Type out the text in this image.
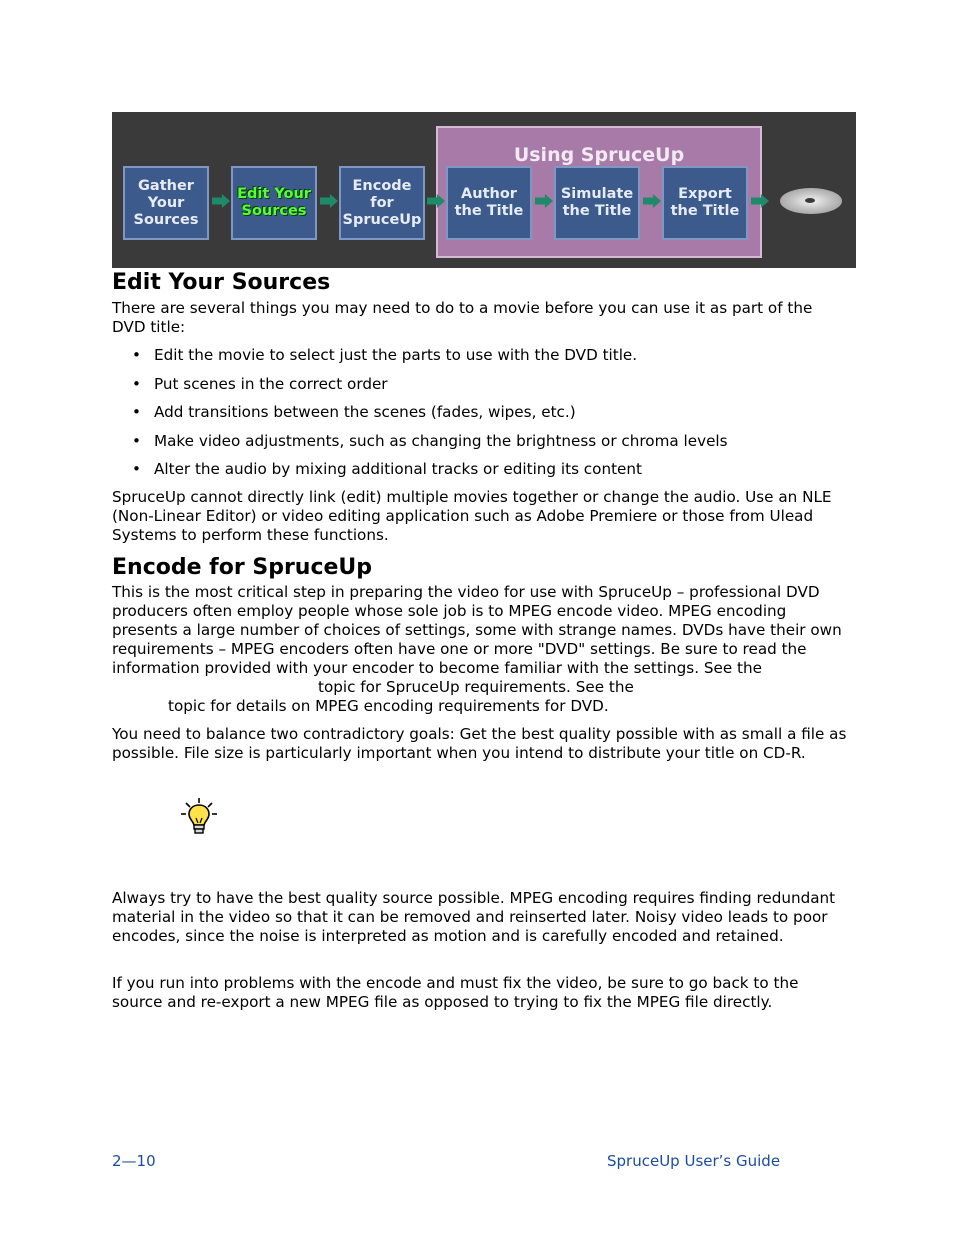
Using SpruceUp
Gather Your Sources
Edit Your Sources
Encode for SpruceUp
Author the Title
Simulate the Title
Export the Title
Edit Your Sources

There are several things you may need to do to a movie before you can use it as part of the DVD title:

• Edit the movie to select just the parts to use with the DVD title.
• Put scenes in the correct order
• Add transitions between the scenes (fades, wipes, etc.)
• Make video adjustments, such as changing the brightness or chroma levels
• Alter the audio by mixing additional tracks or editing its content

SpruceUp cannot directly link (edit) multiple movies together or change the audio. Use an NLE (Non-Linear Editor) or video editing application such as Adobe Premiere or those from Ulead Systems to perform these functions.

Encode for SpruceUp

This is the most critical step in preparing the video for use with SpruceUp – professional DVD producers often employ people whose sole job is to MPEG encode video. MPEG encoding presents a large number of choices of settings, some with strange names. DVDs have their own requirements – MPEG encoders often have one or more "DVD" settings. Be sure to read the information provided with your encoder to become familiar with the settings. See thetopic for SpruceUp requirements. See the
topic for details on MPEG encoding requirements for DVD.

You need to balance two contradictory goals: Get the best quality possible with as small a file as possible. File size is particularly important when you intend to distribute your title on CD-R.

Always try to have the best quality source possible. MPEG encoding requires finding redundant material in the video so that it can be removed and reinserted later. Noisy video leads to poor encodes, since the noise is interpreted as motion and is carefully encoded and retained.

If you run into problems with the encode and must fix the video, be sure to go back to the source and re-export a new MPEG file as opposed to trying to fix the MPEG file directly.

2—10	SpruceUp User’s Guide
